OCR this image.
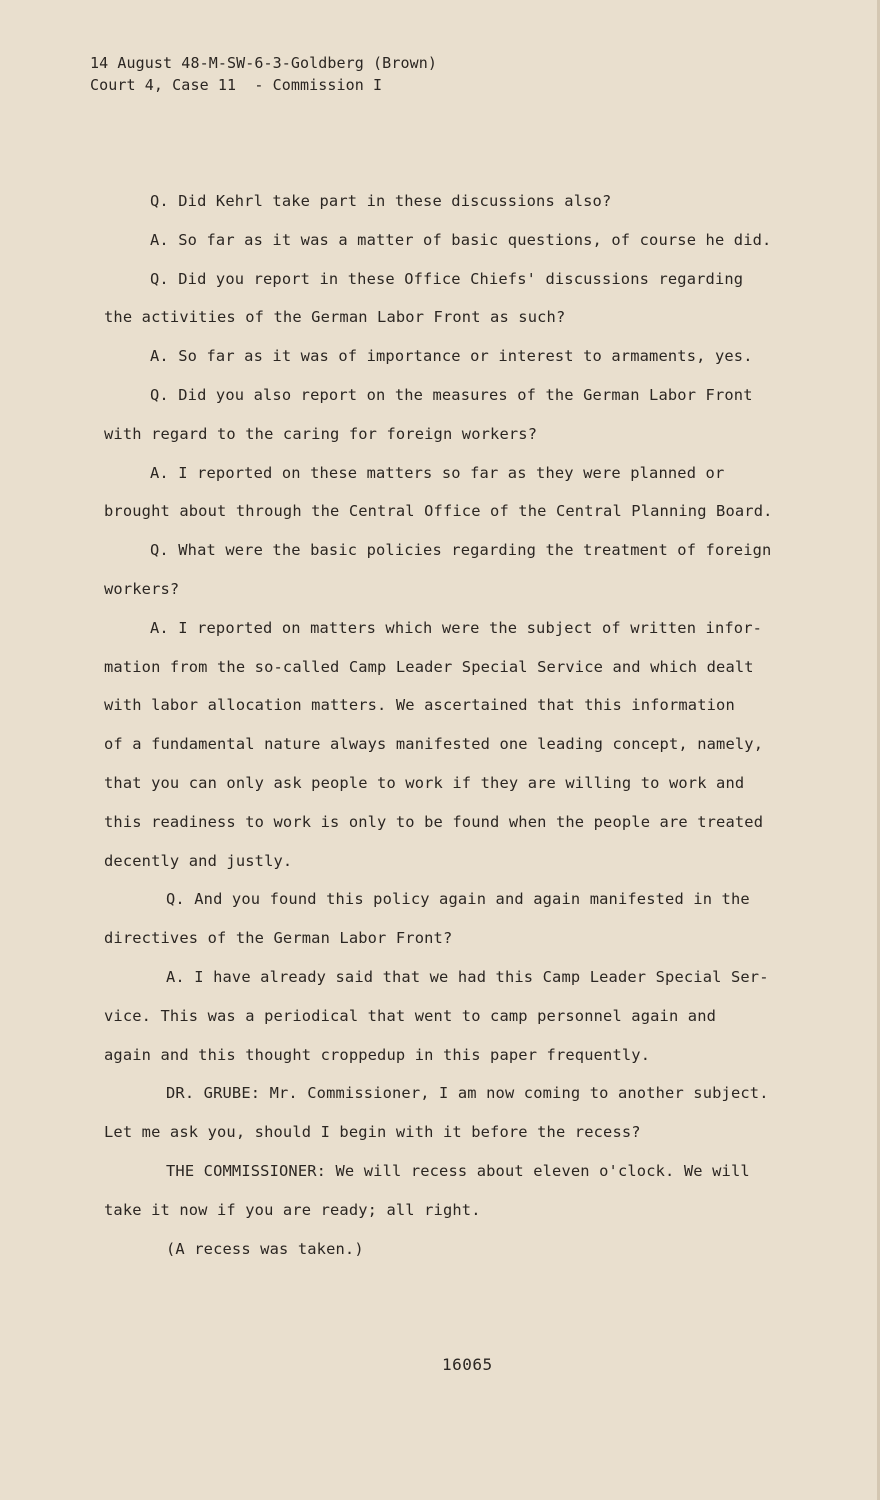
14 August 48-M-SW-6-3-Goldberg (Brown)
Court 4, Case 11  - Commission I
Q. Did Kehrl take part in these discussions also?
A. So far as it was a matter of basic questions, of course he did.
Q. Did you report in these Office Chiefs' discussions regarding
the activities of the German Labor Front as such?
A. So far as it was of importance or interest to armaments, yes.
Q. Did you also report on the measures of the German Labor Front
with regard to the caring for foreign workers?
A. I reported on these matters so far as they were planned or
brought about through the Central Office of the Central Planning Board.
Q. What were the basic policies regarding the treatment of foreign
workers?
A. I reported on matters which were the subject of written infor-
mation from the so-called Camp Leader Special Service and which dealt
with labor allocation matters. We ascertained that this information
of a fundamental nature always manifested one leading concept, namely,
that you can only ask people to work if they are willing to work and
this readiness to work is only to be found when the people are treated
decently and justly.
Q. And you found this policy again and again manifested in the
directives of the German Labor Front?
A. I have already said that we had this Camp Leader Special Ser-
vice. This was a periodical that went to camp personnel again and
again and this thought croppedup in this paper frequently.
DR. GRUBE: Mr. Commissioner, I am now coming to another subject.
Let me ask you, should I begin with it before the recess?
THE COMMISSIONER: We will recess about eleven o'clock. We will
take it now if you are ready; all right.
(A recess was taken.)
16065
